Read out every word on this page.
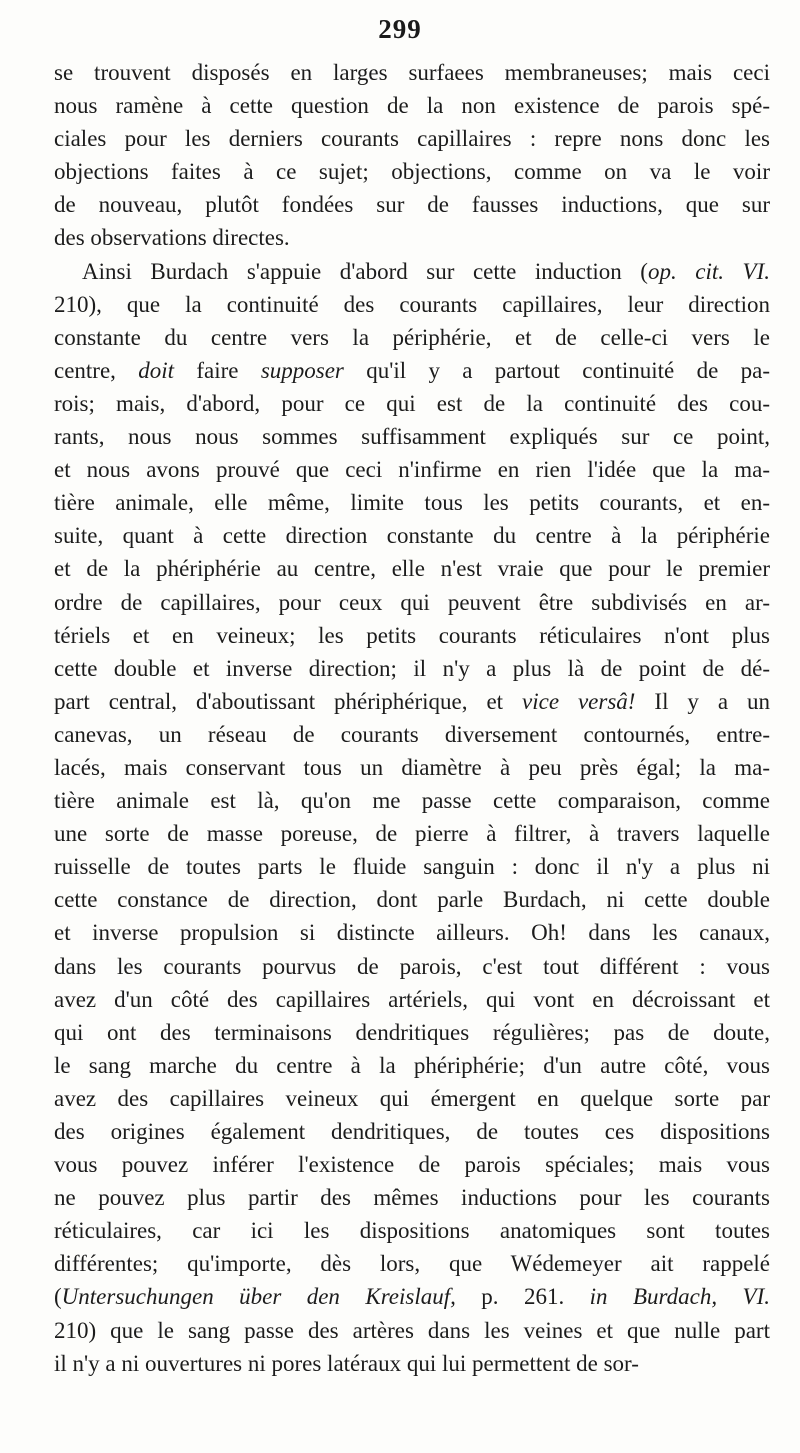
299
se trouvent disposés en larges surfaees membraneuses; mais ceci
nous ramène à cette question de la non existence de parois spé-
ciales pour les derniers courants capillaires : repre nons donc les
objections faites à ce sujet; objections, comme on va le voir
de nouveau, plutôt fondées sur de fausses inductions, que sur
des observations directes.
Ainsi Burdach s'appuie d'abord sur cette induction (op. cit. VI.
210), que la continuité des courants capillaires, leur direction
constante du centre vers la périphérie, et de celle-ci vers le
centre, doit faire supposer qu'il y a partout continuité de pa-
rois; mais, d'abord, pour ce qui est de la continuité des cou-
rants, nous nous sommes suffisamment expliqués sur ce point,
et nous avons prouvé que ceci n'infirme en rien l'idée que la ma-
tière animale, elle même, limite tous les petits courants, et en-
suite, quant à cette direction constante du centre à la périphérie
et de la phériphérie au centre, elle n'est vraie que pour le premier
ordre de capillaires, pour ceux qui peuvent être subdivisés en ar-
tériels et en veineux; les petits courants réticulaires n'ont plus
cette double et inverse direction; il n'y a plus là de point de dé-
part central, d'aboutissant phériphérique, et vice versâ! Il y a un
canevas, un réseau de courants diversement contournés, entre-
lacés, mais conservant tous un diamètre à peu près égal; la ma-
tière animale est là, qu'on me passe cette comparaison, comme
une sorte de masse poreuse, de pierre à filtrer, à travers laquelle
ruisselle de toutes parts le fluide sanguin : donc il n'y a plus ni
cette constance de direction, dont parle Burdach, ni cette double
et inverse propulsion si distincte ailleurs. Oh! dans les canaux,
dans les courants pourvus de parois, c'est tout différent : vous
avez d'un côté des capillaires artériels, qui vont en décroissant et
qui ont des terminaisons dendritiques régulières; pas de doute,
le sang marche du centre à la phériphérie; d'un autre côté, vous
avez des capillaires veineux qui émergent en quelque sorte par
des origines également dendritiques, de toutes ces dispositions
vous pouvez inférer l'existence de parois spéciales; mais vous
ne pouvez plus partir des mêmes inductions pour les courants
réticulaires, car ici les dispositions anatomiques sont toutes
différentes; qu'importe, dès lors, que Wédemeyer ait rappelé
(Untersuchungen über den Kreislauf, p. 261. in Burdach, VI.
210) que le sang passe des artères dans les veines et que nulle part
il n'y a ni ouvertures ni pores latéraux qui lui permettent de sor-
